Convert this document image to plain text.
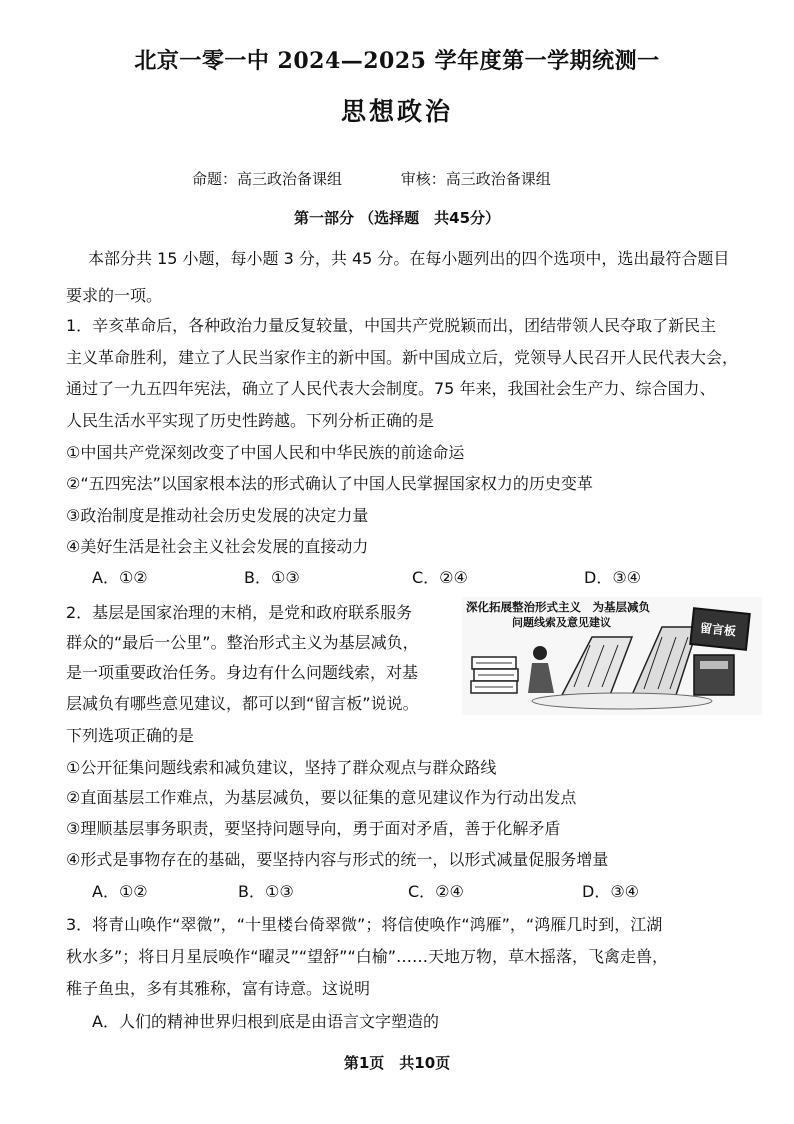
北京一零一中 2024—2025 学年度第一学期统测一
思想政治
命题：高三政治备课组	审核：高三政治备课组
第一部分 （选择题　共45分）
本部分共 15 小题，每小题 3 分，共 45 分。在每小题列出的四个选项中，选出最符合题目
要求的一项。
1．辛亥革命后，各种政治力量反复较量，中国共产党脱颖而出，团结带领人民夺取了新民主
主义革命胜利，建立了人民当家作主的新中国。新中国成立后，党领导人民召开人民代表大会，
通过了一九五四年宪法，确立了人民代表大会制度。75 年来，我国社会生产力、综合国力、
人民生活水平实现了历史性跨越。下列分析正确的是
①中国共产党深刻改变了中国人民和中华民族的前途命运
②“五四宪法”以国家根本法的形式确认了中国人民掌握国家权力的历史变革
③政治制度是推动社会历史发展的决定力量
④美好生活是社会主义社会发展的直接动力
A．①②	B．①③	C．②④	D．③④
2．基层是国家治理的末梢，是党和政府联系服务
群众的“最后一公里”。整治形式主义为基层减负，
是一项重要政治任务。身边有什么问题线索，对基
层减负有哪些意见建议，都可以到“留言板”说说。
下列选项正确的是
深化拓展整治形式主义　为基层减负
问题线索及意见建议	留言板
①公开征集问题线索和减负建议，坚持了群众观点与群众路线
②直面基层工作难点，为基层减负，要以征集的意见建议作为行动出发点
③理顺基层事务职责，要坚持问题导向，勇于面对矛盾，善于化解矛盾
④形式是事物存在的基础，要坚持内容与形式的统一，以形式减量促服务增量
A．①②	B．①③	C．②④	D．③④
3．将青山唤作“翠微”，“十里楼台倚翠微”；将信使唤作“鸿雁”，“鸿雁几时到，江湖
秋水多”；将日月星辰唤作“曜灵”“望舒”“白榆”……天地万物，草木摇落，飞禽走兽，
稚子鱼虫，多有其雅称，富有诗意。这说明
A．人们的精神世界归根到底是由语言文字塑造的
第1页　共10页
